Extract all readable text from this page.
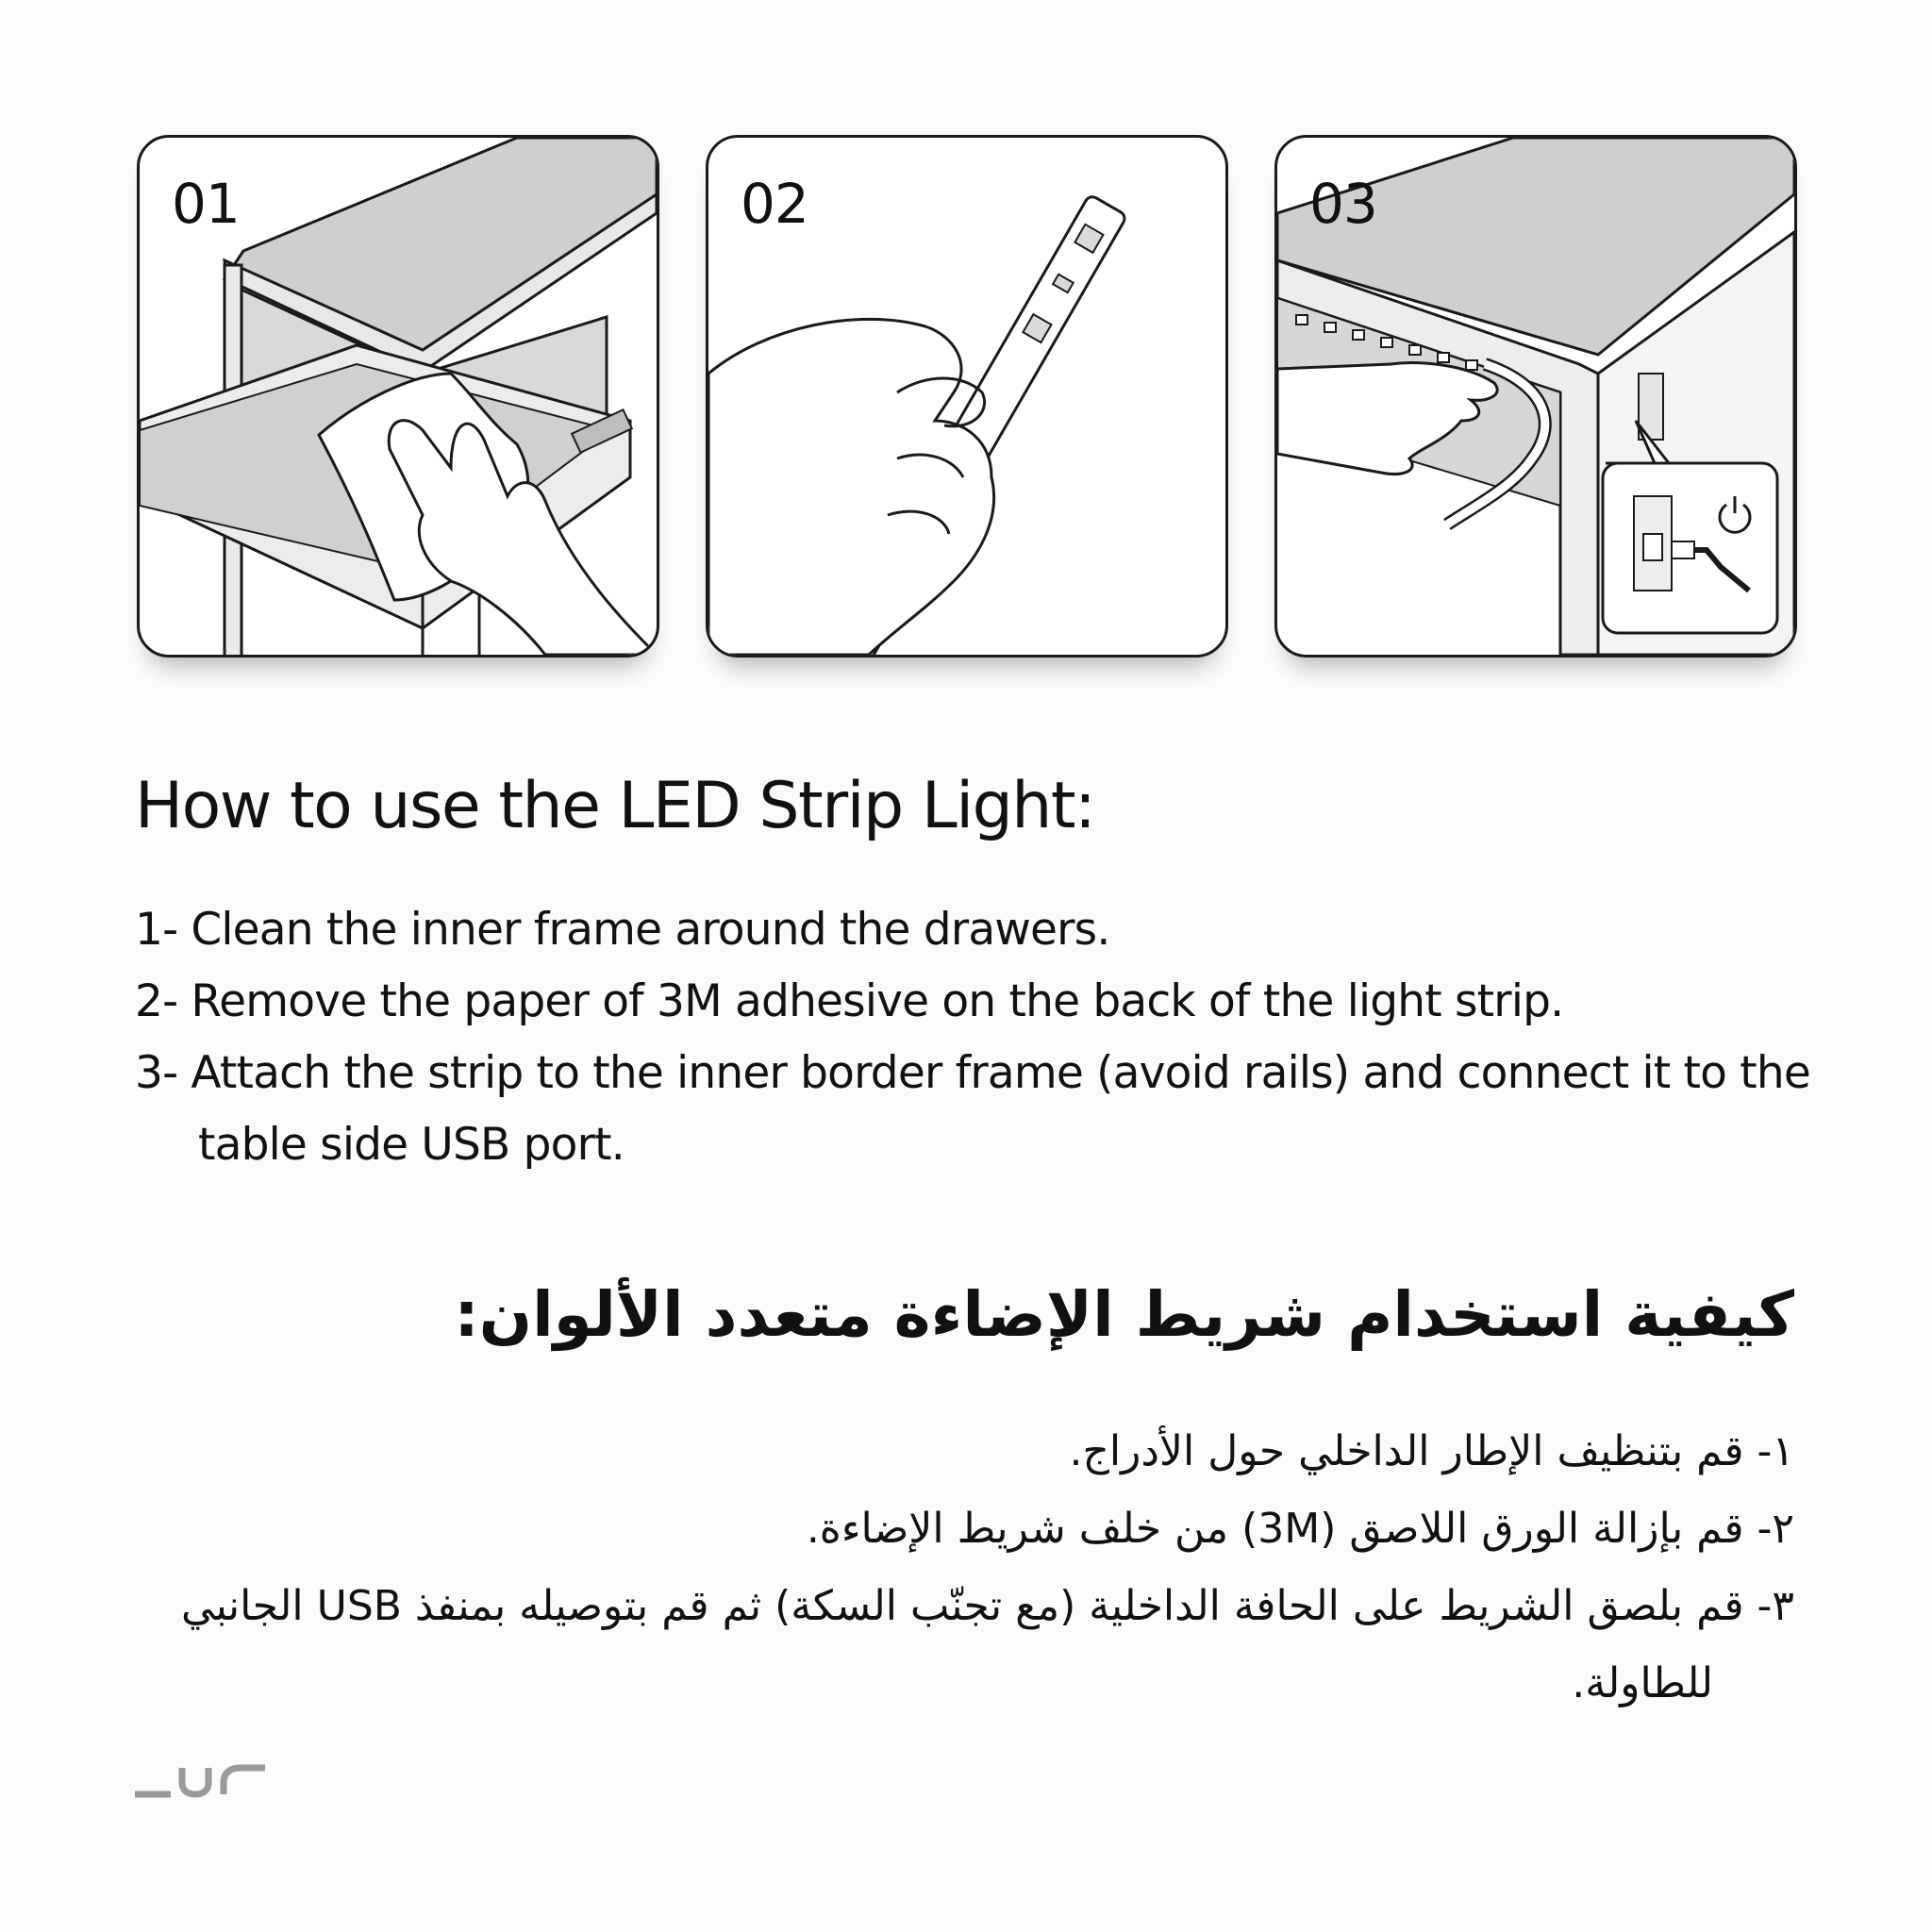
01	02	03
How to use the LED Strip Light:
1- Clean the inner frame around the drawers.
2- Remove the paper of 3M adhesive on the back of the light strip.
3- Attach the strip to the inner border frame (avoid rails) and connect it to the table side USB port.
كيفية استخدام شريط الإضاءة متعدد الألوان:
١- قم بتنظيف الإطار الداخلي حول الأدراج.
٢- قم بإزالة الورق اللاصق (3M) من خلف شريط الإضاءة.
٣- قم بلصق الشريط على الحافة الداخلية (مع تجنّب السكة) ثم قم بتوصيله بمنفذ USB الجانبي للطاولة.
